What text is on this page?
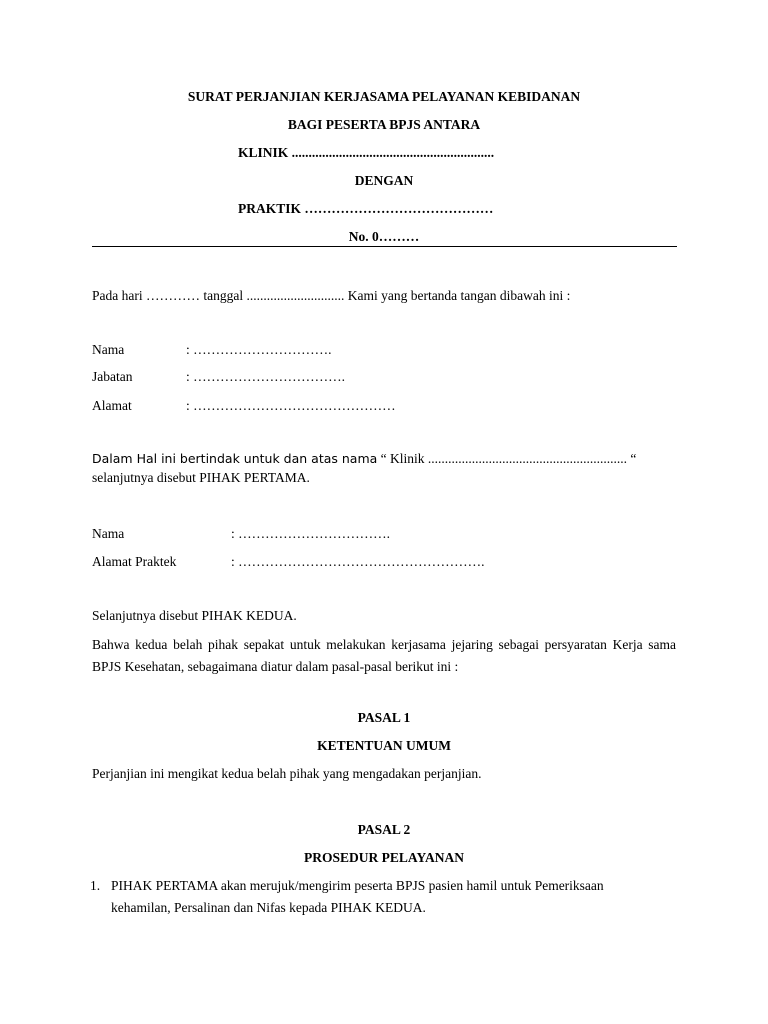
SURAT PERJANJIAN KERJASAMA PELAYANAN KEBIDANAN
BAGI PESERTA BPJS ANTARA
KLINIK ............................................................
DENGAN
PRAKTIK ……………………………………
No. 0………
Pada hari ………… tanggal ............................. Kami yang bertanda tangan dibawah ini :
Nama	: ………………………….
Jabatan	: …………………………….
Alamat	: ………………………………………
Dalam Hal ini bertindak untuk dan atas nama “ Klinik ........................................................... “
selanjutnya disebut PIHAK PERTAMA.
Nama	: …………………………….
Alamat Praktek	: ……………………………………………….
Selanjutnya disebut PIHAK KEDUA.
Bahwa kedua belah pihak sepakat untuk melakukan kerjasama jejaring sebagai persyaratan Kerja sama BPJS Kesehatan, sebagaimana diatur dalam pasal-pasal berikut ini :
PASAL 1
KETENTUAN UMUM
Perjanjian ini mengikat kedua belah pihak yang mengadakan perjanjian.
PASAL 2
PROSEDUR PELAYANAN
1. PIHAK PERTAMA akan merujuk/mengirim peserta BPJS pasien hamil untuk Pemeriksaan
kehamilan, Persalinan dan Nifas kepada PIHAK KEDUA.
